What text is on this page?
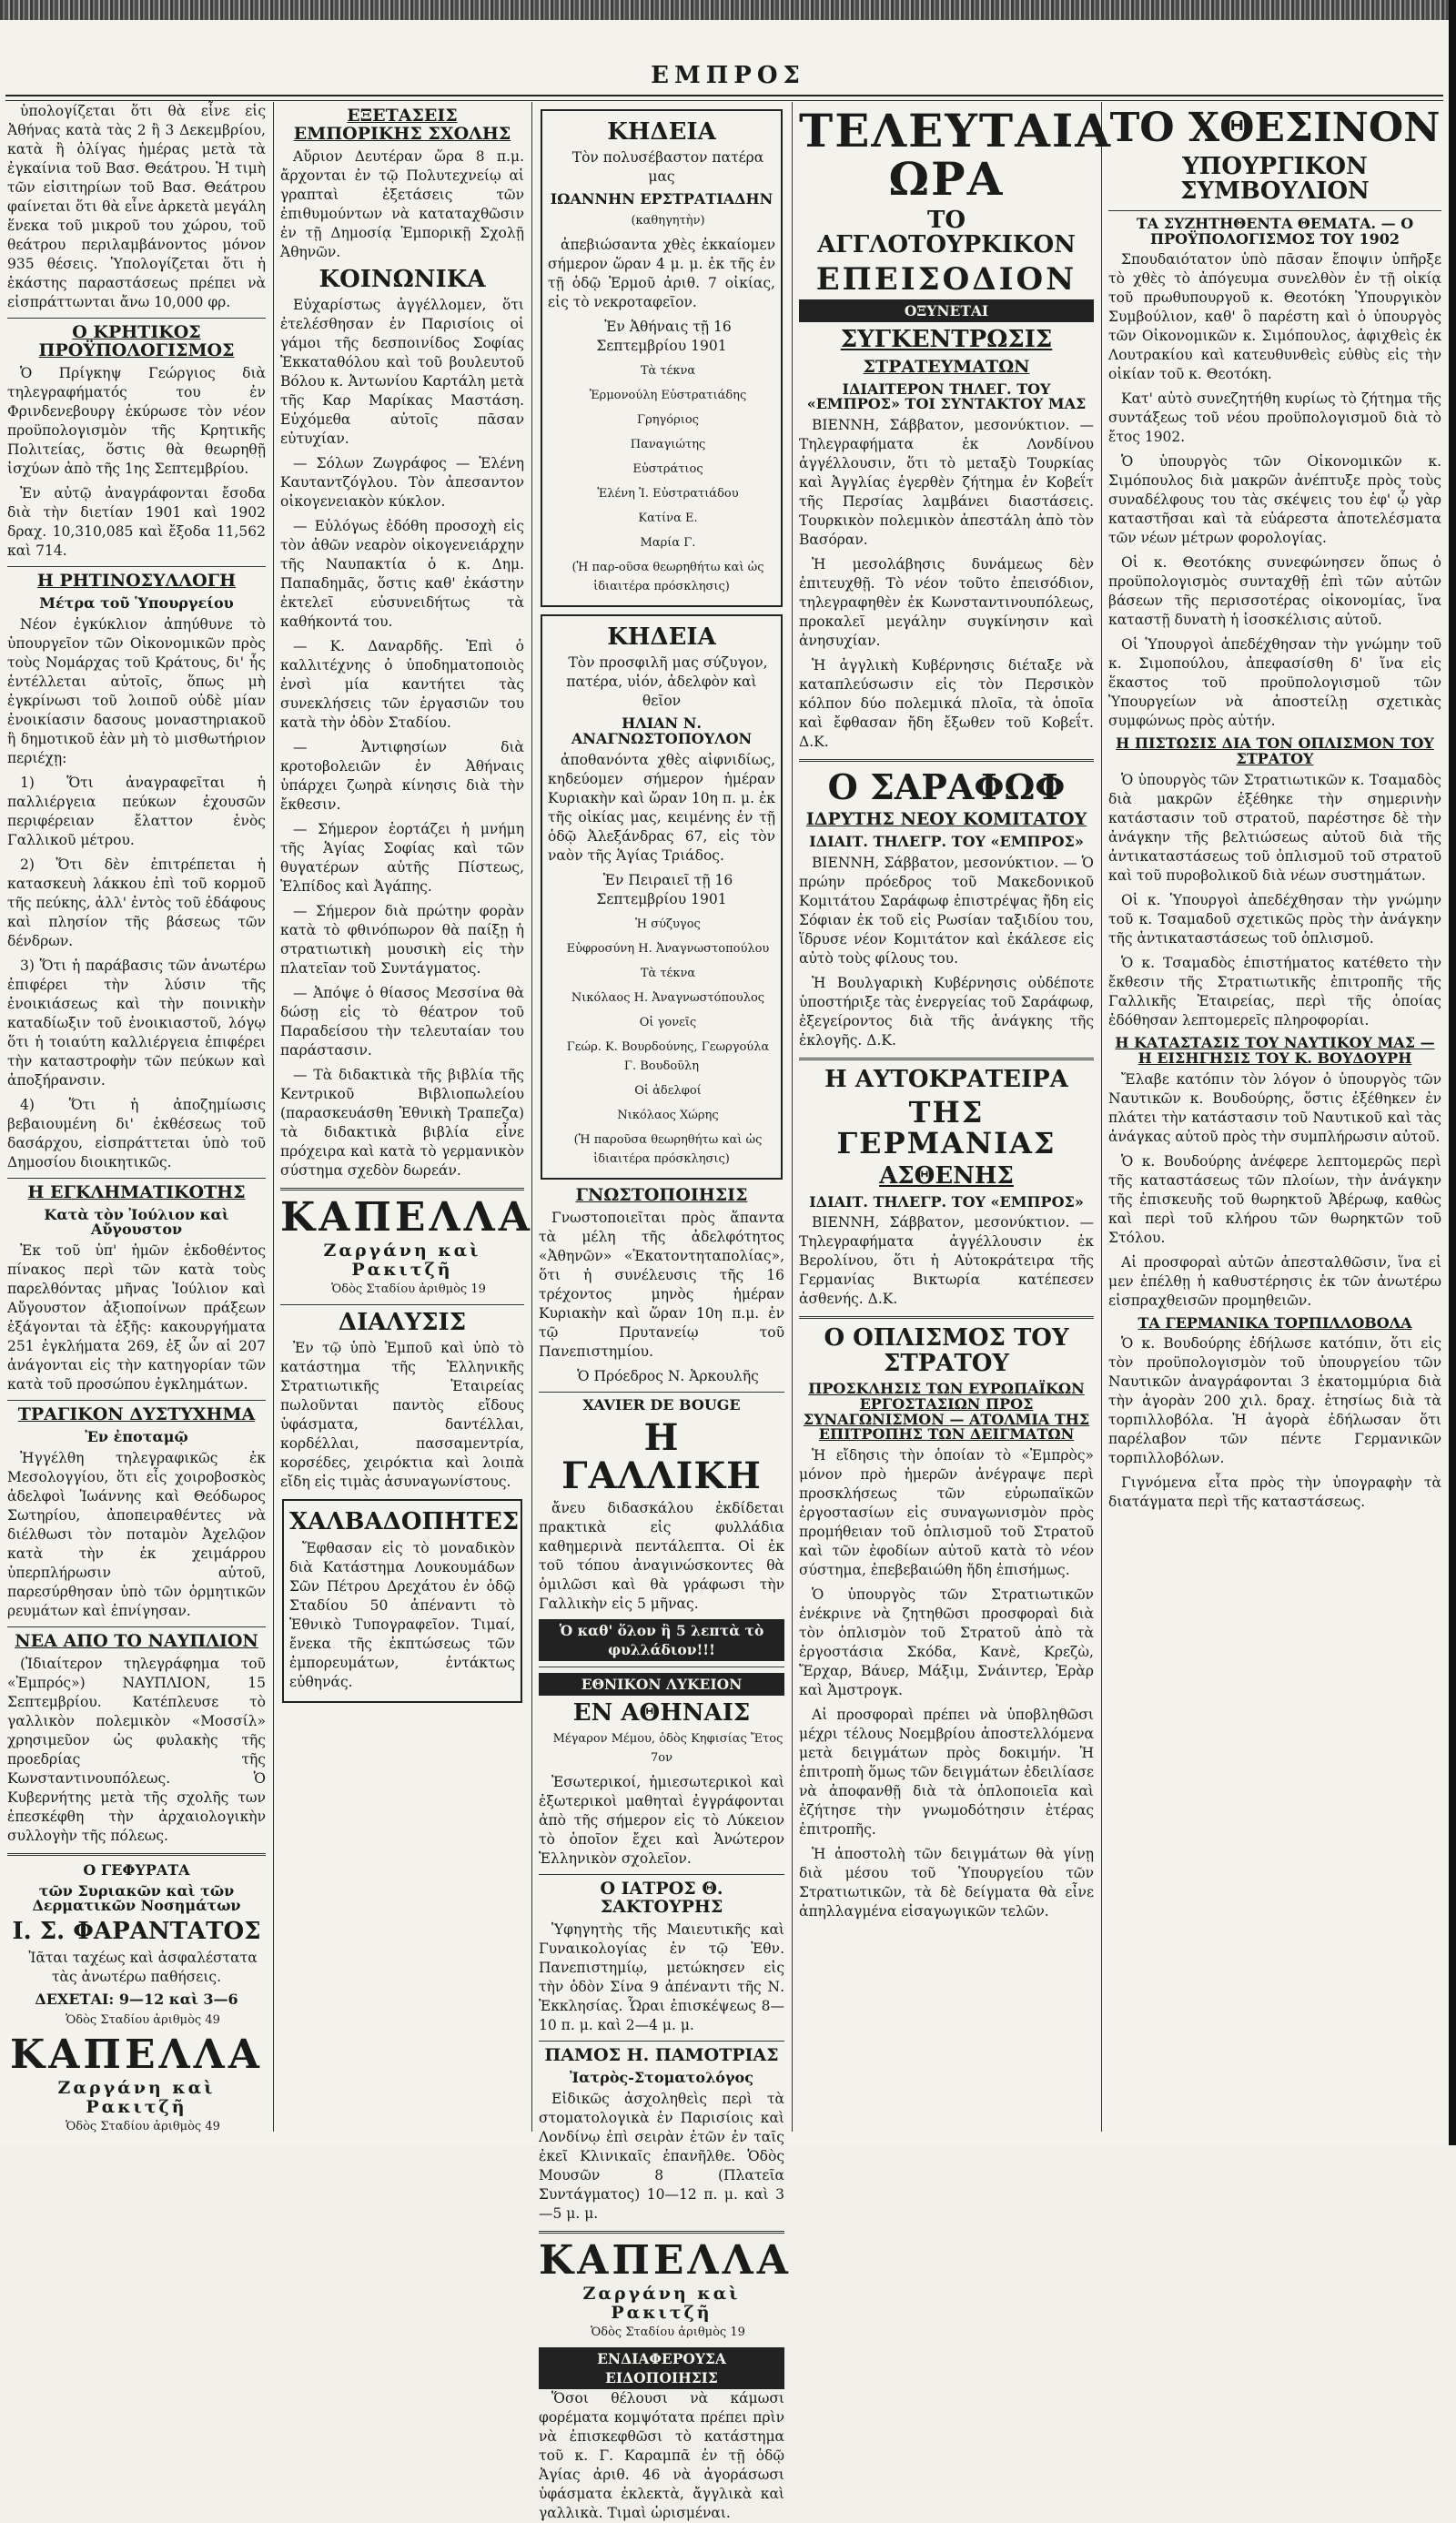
ΕΜΠΡΟΣ

ὑπολογίζεται ὅτι θὰ εἶνε εἰς Ἀθήνας κατὰ τὰς 2 ἢ 3 Δεκεμβρίου, κατὰ ἢ ὀλίγας ἡμέρας μετὰ τὰ ἐγκαίνια τοῦ Βασ. Θεάτρου. Ἡ τιμὴ τῶν εἰσιτηρίων τοῦ Βασ. Θεάτρου φαίνεται ὅτι θὰ εἶνε ἀρκετὰ μεγάλη ἕνεκα τοῦ μικροῦ του χώρου, τοῦ θεάτρου περιλαμβάνοντος μόνον 935 θέσεις. Ὑπολογίζεται ὅτι ἡ ἑκάστης παραστάσεως πρέπει νὰ εἰσπράττωνται ἄνω 10,000 φρ.

Ο ΚΡΗΤΙΚΟΣ ΠΡΟΫΠΟΛΟΓΙΣΜΟΣ

Ὁ Πρίγκηψ Γεώργιος διὰ τηλεγραφήματός του ἐν Φρινδενεβουργ ἐκύρωσε τὸν νέον προϋπολογισμὸν τῆς Κρητικῆς Πολιτείας, ὅστις θὰ θεωρηθῇ ἰσχύων ἀπὸ τῆς 1ης Σεπτεμβρίου.

Ἐν αὐτῷ ἀναγράφονται ἔσοδα διὰ τὴν διετίαν 1901 καὶ 1902 δραχ. 10,310,085 καὶ ἔξοδα 11,562 καὶ 714.

Η ΡΗΤΙΝΟΣΥΛΛΟΓΗ
Μέτρα τοῦ Ὑπουργείου

Νέον ἐγκύκλιον ἀπηύθυνε τὸ ὑπουργεῖον τῶν Οἰκονομικῶν πρὸς τοὺς Νομάρχας τοῦ Κράτους, δι' ἧς ἐντέλλεται αὐτοῖς, ὅπως μὴ ἐγκρίνωσι τοῦ λοιποῦ οὐδὲ μίαν ἐνοικίασιν δασους μοναστηριακοῦ ἢ δημοτικοῦ ἐὰν μὴ τὸ μισθωτήριον περιέχῃ:

1) Ὅτι ἀναγραφεῖται ἡ παλλιέργεια πεύκων ἐχουσῶν περιφέρειαν ἔλαττον ἑνὸς Γαλλικοῦ μέτρου.

2) Ὅτι δὲν ἐπιτρέπεται ἡ κατασκευὴ λάκκου ἐπὶ τοῦ κορμοῦ τῆς πεύκης, ἀλλ' ἐντὸς τοῦ ἐδάφους καὶ πλησίον τῆς βάσεως τῶν δένδρων.

3) Ὅτι ἡ παράβασις τῶν ἀνωτέρω ἐπιφέρει τὴν λύσιν τῆς ἐνοικιάσεως καὶ τὴν ποινικὴν καταδίωξιν τοῦ ἐνοικιαστοῦ, λόγῳ ὅτι ἡ τοιαύτη καλλιέργεια ἐπιφέρει τὴν καταστροφὴν τῶν πεύκων καὶ ἀποξήρανσιν.

4) Ὅτι ἡ ἀποζημίωσις βεβαιουμένη δι' ἐκθέσεως τοῦ δασάρχου, εἰσπράττεται ὑπὸ τοῦ Δημοσίου διοικητικῶς.

Η ΕΓΚΛΗΜΑΤΙΚΟΤΗΣ
Κατὰ τὸν Ἰούλιον καὶ Αὔγουστον

Ἐκ τοῦ ὑπ' ἡμῶν ἐκδοθέντος πίνακος περὶ τῶν κατὰ τοὺς παρελθόντας μῆνας Ἰούλιον καὶ Αὔγουστον ἀξιοποίνων πράξεων ἐξάγονται τὰ ἑξῆς: κακουργήματα 251 ἐγκλήματα 269, ἐξ ὧν αἱ 207 ἀνάγονται εἰς τὴν κατηγορίαν τῶν κατὰ τοῦ προσώπου ἐγκλημάτων.

ΤΡΑΓΙΚΟΝ ΔΥΣΤΥΧΗΜΑ
Ἐν ἐποταμῷ

Ἠγγέλθη τηλεγραφικῶς ἐκ Μεσολογγίου, ὅτι εἷς χοιροβοσκὸς ἀδελφοὶ Ἰωάννης καὶ Θεόδωρος Σωτηρίου, ἀποπειραθέντες νὰ διέλθωσι τὸν ποταμὸν Ἀχελῷον κατὰ τὴν ἐκ χειμάρρου ὑπερπλήρωσιν αὐτοῦ, παρεσύρθησαν ὑπὸ τῶν ὁρμητικῶν ρευμάτων καὶ ἐπνίγησαν.

ΝΕΑ ΑΠΟ ΤΟ ΝΑΥΠΛΙΟΝ

(Ἰδιαίτερον τηλεγράφημα τοῦ «Ἐμπρός») ΝΑΥΠΛΙΟΝ, 15 Σεπτεμβρίου. Κατέπλευσε τὸ γαλλικὸν πολεμικὸν «Μοσσίλ» χρησιμεῦον ὡς φυλακὴς τῆς προεδρίας τῆς Κωνσταντινουπόλεως. Ὁ Κυβερνήτης μετὰ τῆς σχολῆς των ἐπεσκέφθη τὴν ἀρχαιολογικὴν συλλογὴν τῆς πόλεως.

Ο ΓΕΦΥΡΑΤΑ
τῶν Συριακῶν καὶ τῶν Δερματικῶν Νοσημάτων
Ι. Σ. ΦΑΡΑΝΤΑΤΟΣ

Ἰᾶται ταχέως καὶ ἀσφαλέστατα τὰς ἀνωτέρω παθήσεις.

ΔΕΧΕΤΑΙ: 9—12 καὶ 3—6

Ὁδὸς Σταδίου ἀριθμὸς 49

ΚΑΠΕΛΛΑ
Ζαργάνη καὶ Ρακιτζῆ

Ὁδὸς Σταδίου ἀριθμὸς 49

ΕΞΕΤΑΣΕΙΣ ΕΜΠΟΡΙΚΗΣ ΣΧΟΛΗΣ

Αὔριον Δευτέραν ὥρα 8 π.μ. ἄρχονται ἐν τῷ Πολυτεχνείῳ αἱ γραπταὶ ἐξετάσεις τῶν ἐπιθυμούντων νὰ καταταχθῶσιν ἐν τῇ Δημοσίᾳ Ἐμπορικῇ Σχολῇ Ἀθηνῶν.

ΚΟΙΝΩΝΙΚΑ

Εὐχαρίστως ἀγγέλλομεν, ὅτι ἐτελέσθησαν ἐν Παρισίοις οἱ γάμοι τῆς δεσποινίδος Σοφίας Ἐκκαταθόλου καὶ τοῦ βουλευτοῦ Βόλου κ. Ἀντωνίου Καρτάλη μετὰ τῆς Καρ Μαρίκας Μαστάση. Εὐχόμεθα αὐτοῖς πᾶσαν εὐτυχίαν.

— Σόλων Ζωγράφος — Ἑλένη Καυταντζόγλου. Τὸν ἀπεσαντον οἰκογενειακὸν κύκλον.

— Εὐλόγως ἐδόθη προσοχὴ εἰς τὸν ἀθῶν νεαρὸν οἰκογενειάρχην τῆς Ναυπακτία ὁ κ. Δημ. Παπαδημᾶς, ὅστις καθ' ἑκάστην ἐκτελεῖ εὐσυνειδήτως τὰ καθήκοντά του.

— Κ. Δαναρδῆς. Ἐπὶ ὁ καλλιτέχνης ὁ ὑποδηματοποιὸς ἐνσὶ μία καντήτει τὰς συνεκλήσεις τῶν ἐργασιῶν του κατὰ τὴν ὁδὸν Σταδίου.

— Ἀντιφησίων διὰ κροτοβολειῶν ἐν Ἀθήναις ὑπάρχει ζωηρὰ κίνησις διὰ τὴν ἔκθεσιν.

— Σήμερον ἑορτάζει ἡ μνήμη τῆς Ἁγίας Σοφίας καὶ τῶν θυγατέρων αὐτῆς Πίστεως, Ἐλπίδος καὶ Ἀγάπης.

— Σήμερον διὰ πρώτην φορὰν κατὰ τὸ φθινόπωρον θὰ παίξῃ ἡ στρατιωτικὴ μουσικὴ εἰς τὴν πλατεῖαν τοῦ Συντάγματος.

— Ἀπόψε ὁ θίασος Μεσσίνα θὰ δώσῃ εἰς τὸ θέατρον τοῦ Παραδείσου τὴν τελευταίαν του παράστασιν.

— Τὰ διδακτικὰ τῆς βιβλία τῆς Κεντρικοῦ Βιβλιοπωλείου (παρασκευάσθη Ἐθνικὴ Τραπεζα) τὰ διδακτικὰ βιβλία εἶνε πρόχειρα καὶ κατὰ τὸ γερμανικὸν σύστημα σχεδὸν δωρεάν.

ΚΑΠΕΛΛΑ
Ζαργάνη καὶ Ρακιτζῆ

Ὁδὸς Σταδίου ἀριθμὸς 19

ΔΙΑΛΥΣΙΣ

Ἐν τῷ ὑπὸ Ἐμποῦ καὶ ὑπὸ τὸ κατάστημα τῆς Ἑλληνικῆς Στρατιωτικῆς Ἐταιρείας πωλοῦνται παντὸς εἴδους ὑφάσματα, δαντέλλαι, κορδέλλαι, πασσαμεντρία, κορσέδες, χειρόκτια καὶ λοιπὰ εἴδη εἰς τιμὰς ἀσυναγωνίστους.

ΧΑΛΒΑΔΟΠΗΤΕΣ

Ἔφθασαν εἰς τὸ μοναδικὸν διὰ Κατάστημα Λουκουμάδων Σῶν Πέτρου Δρεχάτου ἐν ὁδῷ Σταδίου 50 ἀπέναντι τὸ Ἐθνικὸ Τυπογραφεῖον. Τιμαί, ἔνεκα τῆς ἐκπτώσεως τῶν ἐμπορευμάτων, ἐντάκτως εὐθηνάς.

ΚΗΔΕΙΑ

Τὸν πολυσέβαστον πατέρα μας

ΙΩΑΝΝΗΝ ΕΡΣΤΡΑΤΙΑΔΗΝ

(καθηγητὴν)

ἀπεβιώσαντα χθὲς ἐκκαίομεν σήμερον ὥραν 4 μ. μ. ἐκ τῆς ἐν τῇ ὁδῷ Ἐρμοῦ ἀριθ. 7 οἰκίας, εἰς τὸ νεκροταφεῖον.

Ἐν Ἀθήναις τῇ 16 Σεπτεμβρίου 1901

Τὰ τέκνα

Ἑρμονούλη Εὐστρατιάδης

Γρηγόριος

Παναγιώτης

Εὐστράτιος

Ἑλένη Ἰ. Εὐστρατιάδου

Κατίνα Ε.

Μαρία Γ.

(Ἡ παρ-οῦσα θεωρηθήτω καὶ ὡς ἰδιαιτέρα πρόσκλησις)

ΚΗΔΕΙΑ

Τὸν προσφιλῆ μας σύζυγον, πατέρα, υἱόν, ἀδελφὸν καὶ θεῖον

ΗΛΙΑΝ Ν. ΑΝΑΓΝΩΣΤΟΠΟΥΛΟΝ

ἀποθανόντα χθὲς αἰφνιδίως, κηδεύομεν σήμερον ἡμέραν Κυριακὴν καὶ ὥραν 10η π. μ. ἐκ τῆς οἰκίας μας, κειμένης ἐν τῇ ὁδῷ Ἀλεξάνδρας 67, εἰς τὸν ναὸν τῆς Ἁγίας Τριάδος.

Ἐν Πειραιεῖ τῇ 16 Σεπτεμβρίου 1901

Ἡ σύζυγος

Εὐφροσύνη Η. Ἀναγνωστοπούλου

Τὰ τέκνα

Νικόλαος Η. Ἀναγνωστόπουλος

Οἱ γονεῖς

Γεώρ. Κ. Βουρδούνης, Γεωργούλα Γ. Βουδοῦλη

Οἱ ἀδελφοί

Νικόλαος Χώρης

(Ἡ παροῦσα θεωρηθήτω καὶ ὡς ἰδιαιτέρα πρόσκλησις)

ΓΝΩΣΤΟΠΟΙΗΣΙΣ

Γνωστοποιεῖται πρὸς ἅπαντα τὰ μέλη τῆς ἀδελφότητος «Ἀθηνῶν» «Ἐκατοντηταπολίας», ὅτι ἡ συνέλευσις τῆς 16 τρέχοντος μηνὸς ἡμέραν Κυριακὴν καὶ ὥραν 10η π.μ. ἐν τῷ Πρυτανείῳ τοῦ Πανεπιστημίου.

Ὁ Πρόεδρος Ν. Ἀρκουλῆς

XAVIER DE BOUGE
Η ΓΑΛΛΙΚΗ

ἄνευ διδασκάλου ἐκδίδεται πρακτικὰ εἰς φυλλάδια καθημερινὰ πεντάλεπτα. Οἱ ἐκ τοῦ τόπου ἀναγινώσκοντες θὰ ὁμιλῶσι καὶ θὰ γράφωσι τὴν Γαλλικὴν εἰς 5 μῆνας.

Ὁ καθ' ὅλον ἢ 5 λεπτὰ τὸ φυλλάδιον!!!
ΕΘΝΙΚΟΝ ΛΥΚΕΙΟΝ
ΕΝ ΑΘΗΝΑΙΣ

Μέγαρον Μέμου, ὁδὸς Κηφισίας Ἔτος 7ον

Ἐσωτερικοί, ἡμιεσωτερικοὶ καὶ ἐξωτερικοὶ μαθηταὶ ἐγγράφονται ἀπὸ τῆς σήμερον εἰς τὸ Λύκειον τὸ ὁποῖον ἔχει καὶ Ἀνώτερον Ἑλληνικὸν σχολεῖον.

Ο ΙΑΤΡΟΣ Θ. ΣΑΚΤΟΥΡΗΣ

Ὑφηγητὴς τῆς Μαιευτικῆς καὶ Γυναικολογίας ἐν τῷ Ἐθν. Πανεπιστημίῳ, μετώκησεν εἰς τὴν ὁδὸν Σίνα 9 ἀπέναντι τῆς Ν. Ἐκκλησίας. Ὧραι ἐπισκέψεως 8—10 π. μ. καὶ 2—4 μ. μ.

ΠΑΜΟΣ Η. ΠΑΜΟΤΡΙΑΣ
Ἰατρὸς-Στοματολόγος

Εἰδικῶς ἀσχοληθεὶς περὶ τὰ στοματολογικὰ ἐν Παρισίοις καὶ Λονδίνῳ ἐπὶ σειρὰν ἐτῶν ἐν ταῖς ἐκεῖ Κλινικαῖς ἐπανῆλθε. Ὁδὸς Μουσῶν 8 (Πλατεῖα Συντάγματος) 10—12 π. μ. καὶ 3—5 μ. μ.

ΚΑΠΕΛΛΑ
Ζαργάνη καὶ Ρακιτζῆ

Ὁδὸς Σταδίου ἀριθμὸς 19

ΕΝΔΙΑΦΕΡΟΥΣΑ ΕΙΔΟΠΟΙΗΣΙΣ

Ὅσοι θέλουσι νὰ κάμωσι φορέματα κομψότατα πρέπει πρὶν νὰ ἐπισκεφθῶσι τὸ κατάστημα τοῦ κ. Γ. Καραμπᾶ ἐν τῇ ὁδῷ Ἀγίας ἀριθ. 46 νὰ ἀγοράσωσι ὑφάσματα ἐκλεκτὰ, ἄγγλικὰ καὶ γαλλικὰ. Τιμαὶ ὡρισμέναι.

ΤΕΛΕΥΤΑΙΑ ΩΡΑ
ΤΟ ΑΓΓΛΟΤΟΥΡΚΙΚΟΝ
ΕΠΕΙΣΟΔΙΟΝ
ΟΞΥΝΕΤΑΙ
ΣΥΓΚΕΝΤΡΩΣΙΣ
ΣΤΡΑΤΕΥΜΑΤΩΝ
ΙΔΙΑΙΤΕΡΟΝ ΤΗΛΕΓ. ΤΟΥ «ΕΜΠΡΟΣ» ΤΟΙ ΣΥΝΤΑΚΤΟΥ ΜΑΣ

ΒΙΕΝΝΗ, Σάββατον, μεσονύκτιον. — Τηλεγραφήματα ἐκ Λονδίνου ἀγγέλλουσιν, ὅτι τὸ μεταξὺ Τουρκίας καὶ Ἀγγλίας ἐγερθὲν ζήτημα ἐν Κοβεΐτ τῆς Περσίας λαμβάνει διαστάσεις. Τουρκικὸν πολεμικὸν ἀπεστάλη ἀπὸ τὸν Βασόραν.

Ἡ μεσολάβησις δυνάμεως δὲν ἐπιτευχθῇ. Τὸ νέον τοῦτο ἐπεισόδιον, τηλεγραφηθὲν ἐκ Κωνσταντινουπόλεως, προκαλεῖ μεγάλην συγκίνησιν καὶ ἀνησυχίαν.

Ἡ ἀγγλικὴ Κυβέρνησις διέταξε νὰ καταπλεύσωσιν εἰς τὸν Περσικὸν κόλπον δύο πολεμικά πλοῖα, τὰ ὁποῖα καὶ ἔφθασαν ἤδη ἔξωθεν τοῦ Κοβεΐτ. Δ.Κ.

Ο ΣΑΡΑΦΩΦ
ΙΔΡΥΤΗΣ ΝΕΟΥ ΚΟΜΙΤΑΤΟΥ
ΙΔΙΑΙΤ. ΤΗΛΕΓΡ. ΤΟΥ «ΕΜΠΡΟΣ»

ΒΙΕΝΝΗ, Σάββατον, μεσονύκτιον. — Ὁ πρώην πρόεδρος τοῦ Μακεδονικοῦ Κομιτάτου Σαράφωφ ἐπιστρέψας ἤδη εἰς Σόφιαν ἐκ τοῦ εἰς Ρωσίαν ταξιδίου του, ἵδρυσε νέον Κομιτάτον καὶ ἐκάλεσε εἰς αὐτὸ τοὺς φίλους του.

Ἡ Βουλγαρικὴ Κυβέρνησις οὐδέποτε ὑποστήριξε τὰς ἐνεργείας τοῦ Σαράφωφ, ἐξεγείροντος διὰ τῆς ἀνάγκης τῆς ἐκλογῆς. Δ.Κ.

Η ΑΥΤΟΚΡΑΤΕΙΡΑ
ΤΗΣ ΓΕΡΜΑΝΙΑΣ
ΑΣΘΕΝΗΣ
ΙΔΙΑΙΤ. ΤΗΛΕΓΡ. ΤΟΥ «ΕΜΠΡΟΣ»

ΒΙΕΝΝΗ, Σάββατον, μεσονύκτιον. — Τηλεγραφήματα ἀγγέλλουσιν ἐκ Βερολίνου, ὅτι ἡ Αὐτοκράτειρα τῆς Γερμανίας Βικτωρία κατέπεσεν ἀσθενής. Δ.Κ.

Ο ΟΠΛΙΣΜΟΣ ΤΟΥ ΣΤΡΑΤΟΥ
ΠΡΟΣΚΛΗΣΙΣ ΤΩΝ ΕΥΡΩΠΑΪΚΩΝ ΕΡΓΟΣΤΑΣΙΩΝ ΠΡΟΣ ΣΥΝΑΓΩΝΙΣΜΟΝ — ΑΤΟΛΜΙΑ ΤΗΣ ΕΠΙΤΡΟΠΗΣ ΤΩΝ ΔΕΙΓΜΑΤΩΝ

Ἡ εἴδησις τὴν ὁποίαν τὸ «Ἐμπρὸς» μόνον πρὸ ἡμερῶν ἀνέγραψε περὶ προσκλήσεως τῶν εὐρωπαϊκῶν ἐργοστασίων εἰς συναγωνισμὸν πρὸς προμήθειαν τοῦ ὁπλισμοῦ τοῦ Στρατοῦ καὶ τῶν ἐφοδίων αὐτοῦ κατὰ τὸ νέον σύστημα, ἐπεβεβαιώθη ἤδη ἐπισήμως.

Ὁ ὑπουργὸς τῶν Στρατιωτικῶν ἐνέκρινε νὰ ζητηθῶσι προσφοραὶ διὰ τὸν ὁπλισμὸν τοῦ Στρατοῦ ἀπὸ τὰ ἐργοστάσια Σκόδα, Κανὲ, Κρεζὼ, Ἔρχαρ, Βάυερ, Μάξιμ, Σνάιντερ, Ἑρὰρ καὶ Ἀμστρογκ.

Αἱ προσφοραὶ πρέπει νὰ ὑποβληθῶσι μέχρι τέλους Νοεμβρίου ἀποστελλόμενα μετὰ δειγμάτων πρὸς δοκιμήν. Ἡ ἐπιτροπὴ ὅμως τῶν δειγμάτων ἐδειλίασε νὰ ἀποφανθῇ διὰ τὰ ὁπλοποιεῖα καὶ ἐζήτησε τὴν γνωμοδότησιν ἑτέρας ἐπιτροπῆς.

Ἡ ἀποστολὴ τῶν δειγμάτων θὰ γίνῃ διὰ μέσου τοῦ Ὑπουργείου τῶν Στρατιωτικῶν, τὰ δὲ δείγματα θὰ εἶνε ἀπηλλαγμένα εἰσαγωγικῶν τελῶν.

ΤΟ ΧΘΕΣΙΝΟΝ
ΥΠΟΥΡΓΙΚΟΝ ΣΥΜΒΟΥΛΙΟΝ
ΤΑ ΣΥΖΗΤΗΘΕΝΤΑ ΘΕΜΑΤΑ. — Ο ΠΡΟΫΠΟΛΟΓΙΣΜΟΣ ΤΟΥ 1902

Σπουδαιότατον ὑπὸ πᾶσαν ἔποψιν ὑπῆρξε τὸ χθὲς τὸ ἀπόγευμα συνελθὸν ἐν τῇ οἰκίᾳ τοῦ πρωθυπουργοῦ κ. Θεοτόκη Ὑπουργικὸν Συμβούλιον, καθ' ὃ παρέστη καὶ ὁ ὑπουργὸς τῶν Οἰκονομικῶν κ. Σιμόπουλος, ἀφιχθεὶς ἐκ Λουτρακίου καὶ κατευθυνθεὶς εὐθὺς εἰς τὴν οἰκίαν τοῦ κ. Θεοτόκη.

Κατ' αὐτὸ συνεζητήθη κυρίως τὸ ζήτημα τῆς συντάξεως τοῦ νέου προϋπολογισμοῦ διὰ τὸ ἔτος 1902.

Ὁ ὑπουργὸς τῶν Οἰκονομικῶν κ. Σιμόπουλος διὰ μακρῶν ἀνέπτυξε πρὸς τοὺς συναδέλφους του τὰς σκέψεις του ἐφ' ᾧ γὰρ καταστῆσαι καὶ τὰ εὐάρεστα ἀποτελέσματα τῶν νέων μέτρων φορολογίας.

Οἱ κ. Θεοτόκης συνεφώνησεν ὅπως ὁ προϋπολογισμὸς συνταχθῇ ἐπὶ τῶν αὐτῶν βάσεων τῆς περισσοτέρας οἰκονομίας, ἵνα καταστῇ δυνατὴ ἡ ἰσοσκέλισις αὐτοῦ.

Οἱ Ὑπουργοὶ ἀπεδέχθησαν τὴν γνώμην τοῦ κ. Σιμοπούλου, ἀπεφασίσθη δ' ἵνα εἰς ἕκαστος τοῦ προϋπολογισμοῦ τῶν Ὑπουργείων νὰ ἀποστείλῃ σχετικὰς συμφώνως πρὸς αὐτήν.

Η ΠΙΣΤΩΣΙΣ ΔΙΑ ΤΟΝ ΟΠΛΙΣΜΟΝ ΤΟΥ ΣΤΡΑΤΟΥ

Ὁ ὑπουργὸς τῶν Στρατιωτικῶν κ. Τσαμαδὸς διὰ μακρῶν ἐξέθηκε τὴν σημερινὴν κατάστασιν τοῦ στρατοῦ, παρέστησε δὲ τὴν ἀνάγκην τῆς βελτιώσεως αὐτοῦ διὰ τῆς ἀντικαταστάσεως τοῦ ὁπλισμοῦ τοῦ στρατοῦ καὶ τοῦ πυροβολικοῦ διὰ νέων συστημάτων.

Οἱ κ. Ὑπουργοὶ ἀπεδέχθησαν τὴν γνώμην τοῦ κ. Τσαμαδοῦ σχετικῶς πρὸς τὴν ἀνάγκην τῆς ἀντικαταστάσεως τοῦ ὁπλισμοῦ.

Ὁ κ. Τσαμαδὸς ἐπιστήματος κατέθετο τὴν ἔκθεσιν τῆς Στρατιωτικῆς ἐπιτροπῆς τῆς Γαλλικῆς Ἑταιρείας, περὶ τῆς ὁποίας ἐδόθησαν λεπτομερεῖς πληροφορίαι.

Η ΚΑΤΑΣΤΑΣΙΣ ΤΟΥ ΝΑΥΤΙΚΟΥ ΜΑΣ — Η ΕΙΣΗΓΗΣΙΣ ΤΟΥ Κ. ΒΟΥΔΟΥΡΗ

Ἔλαβε κατόπιν τὸν λόγον ὁ ὑπουργὸς τῶν Ναυτικῶν κ. Βουδούρης, ὅστις ἐξέθηκεν ἐν πλάτει τὴν κατάστασιν τοῦ Ναυτικοῦ καὶ τὰς ἀνάγκας αὐτοῦ πρὸς τὴν συμπλήρωσιν αὐτοῦ.

Ὁ κ. Βουδούρης ἀνέφερε λεπτομερῶς περὶ τῆς καταστάσεως τῶν πλοίων, τὴν ἀνάγκην τῆς ἐπισκευῆς τοῦ θωρηκτοῦ Ἀβέρωφ, καθὼς καὶ περὶ τοῦ κλήρου τῶν θωρηκτῶν τοῦ Στόλου.

Αἱ προσφοραὶ αὐτῶν ἀπεσταλθῶσιν, ἵνα εἰ μεν ἐπέλθῃ ἡ καθυστέρησις ἐκ τῶν ἀνωτέρω εἰσπραχθεισῶν προμηθειῶν.

ΤΑ ΓΕΡΜΑΝΙΚΑ ΤΟΡΠΙΛΛΟΒΟΛΑ

Ὁ κ. Βουδούρης ἐδήλωσε κατόπιν, ὅτι εἰς τὸν προϋπολογισμὸν τοῦ ὑπουργείου τῶν Ναυτικῶν ἀναγράφονται 3 ἑκατομμύρια διὰ τὴν ἀγορὰν 200 χιλ. δραχ. ἐτησίως διὰ τὰ τορπιλλοβόλα. Ἡ ἀγορὰ ἐδήλωσαν ὅτι παρέλαβον τῶν πέντε Γερμανικῶν τορπιλλοβόλων.

Γιγνόμενα εἶτα πρὸς τὴν ὑπογραφὴν τὰ διατάγματα περὶ τῆς καταστάσεως.
